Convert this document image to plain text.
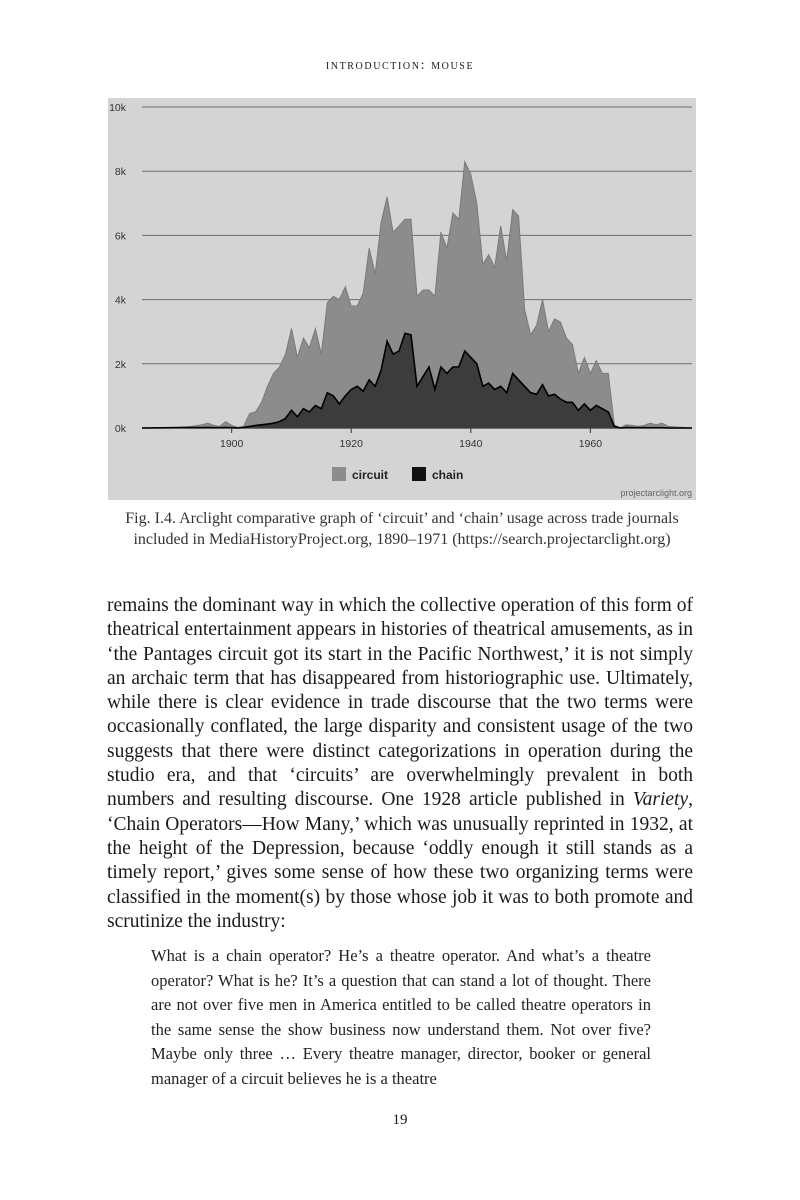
introduction: mouse
0k
2k
4k
6k
8k
10k
1900	1920	1940	1960
circuit	chain
projectarclight.org

Fig. I.4. Arclight comparative graph of ‘circuit’ and ‘chain’ usage across trade journals

included in MediaHistoryProject.org, 1890–1971 (https://search.projectarclight.org)

remains the dominant way in which the collective operation of this form of theatrical entertainment appears in histories of theatrical amusements, as in ‘the Pantages circuit got its start in the Pacific Northwest,’ it is not simply an archaic term that has disappeared from historiographic use. Ultimately, while there is clear evidence in trade discourse that the two terms were occasionally conflated, the large disparity and consistent usage of the two suggests that there were distinct categorizations in operation during the studio era, and that ‘circuits’ are overwhelmingly prevalent in both numbers and resulting discourse. One 1928 article published in Variety, ‘Chain Operators—How Many,’ which was unusually reprinted in 1932, at the height of the Depression, because ‘oddly enough it still stands as a timely report,’ gives some sense of how these two organizing terms were classified in the moment(s) by those whose job it was to both promote and scrutinize the industry:

What is a chain operator? He’s a theatre operator. And what’s a theatre operator? What is he? It’s a question that can stand a lot of thought. There are not over five men in America entitled to be called theatre operators in the same sense the show business now understand them. Not over five? Maybe only three … Every theatre manager, director, booker or general manager of a circuit believes he is a theatre

19
